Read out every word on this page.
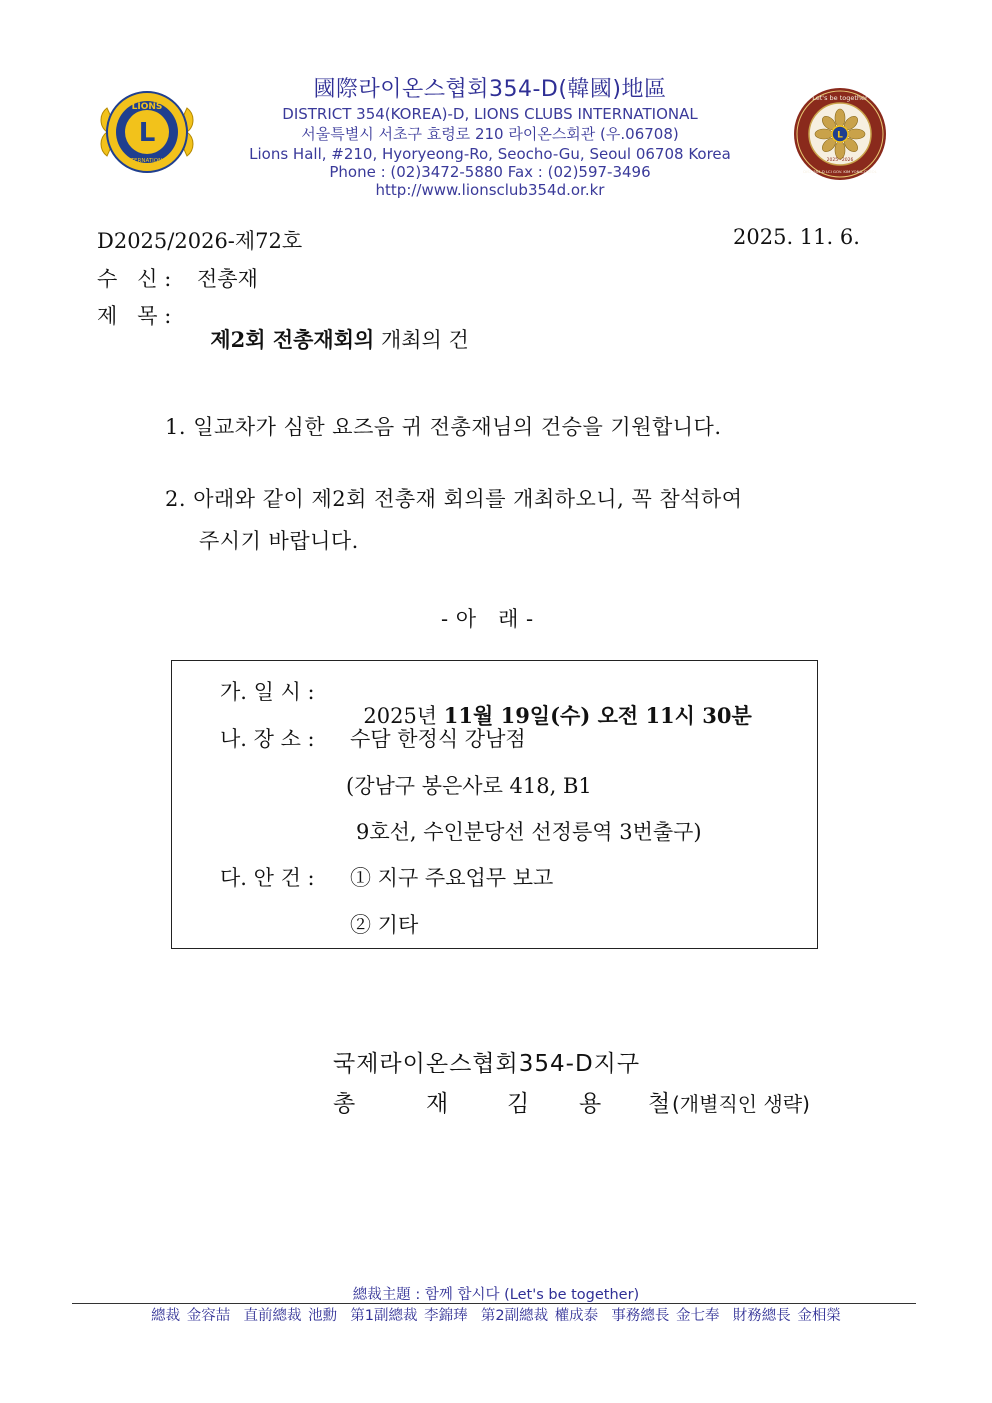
L
LIONS
INTERNATIONAL
L
Let's be together
2025~2026
DIST 354-D LCI GOV. KIM YONG-CHEOL
國際라이온스협회354-D(韓國)地區
DISTRICT 354(KOREA)-D, LIONS CLUBS INTERNATIONAL
서울특별시 서초구 효령로 210 라이온스회관 (우.06708)
Lions Hall, #210, Hyoryeong-Ro, Seocho-Gu, Seoul 06708 Korea
Phone : (02)3472-5880 Fax : (02)597-3496
http://www.lionsclub354d.or.kr
D2025/2026-제72호	2025. 11. 6.
수   신 : 전총재
제   목 :

제2회 전총재회의 개최의 건

1. 일교차가 심한 요즈음 귀 전총재님의 건승을 기원합니다.
2. 아래와 같이 제2회 전총재 회의를 개최하오니, 꼭 참석하여
주시기 바랍니다.
- 아   래 -
가. 일 시 :

2025년 11월 19일(수) 오전 11시 30분

나. 장 소 : 수담 한정식 강남점
(강남구 봉은사로 418, B1
9호선, 수인분당선 선정릉역 3번출구)
다. 안 건 : ① 지구 주요업무 보고
② 기타
국제라이온스협회354-D지구
총	재	김 용 철 (개별직인 생략)
總裁主題 : 함께 합시다 (Let's be together)
總裁 金容喆  直前總裁 池勳  第1副總裁 李錦琫  第2副總裁 權成泰  事務總長 金七奉  財務總長 金相榮
